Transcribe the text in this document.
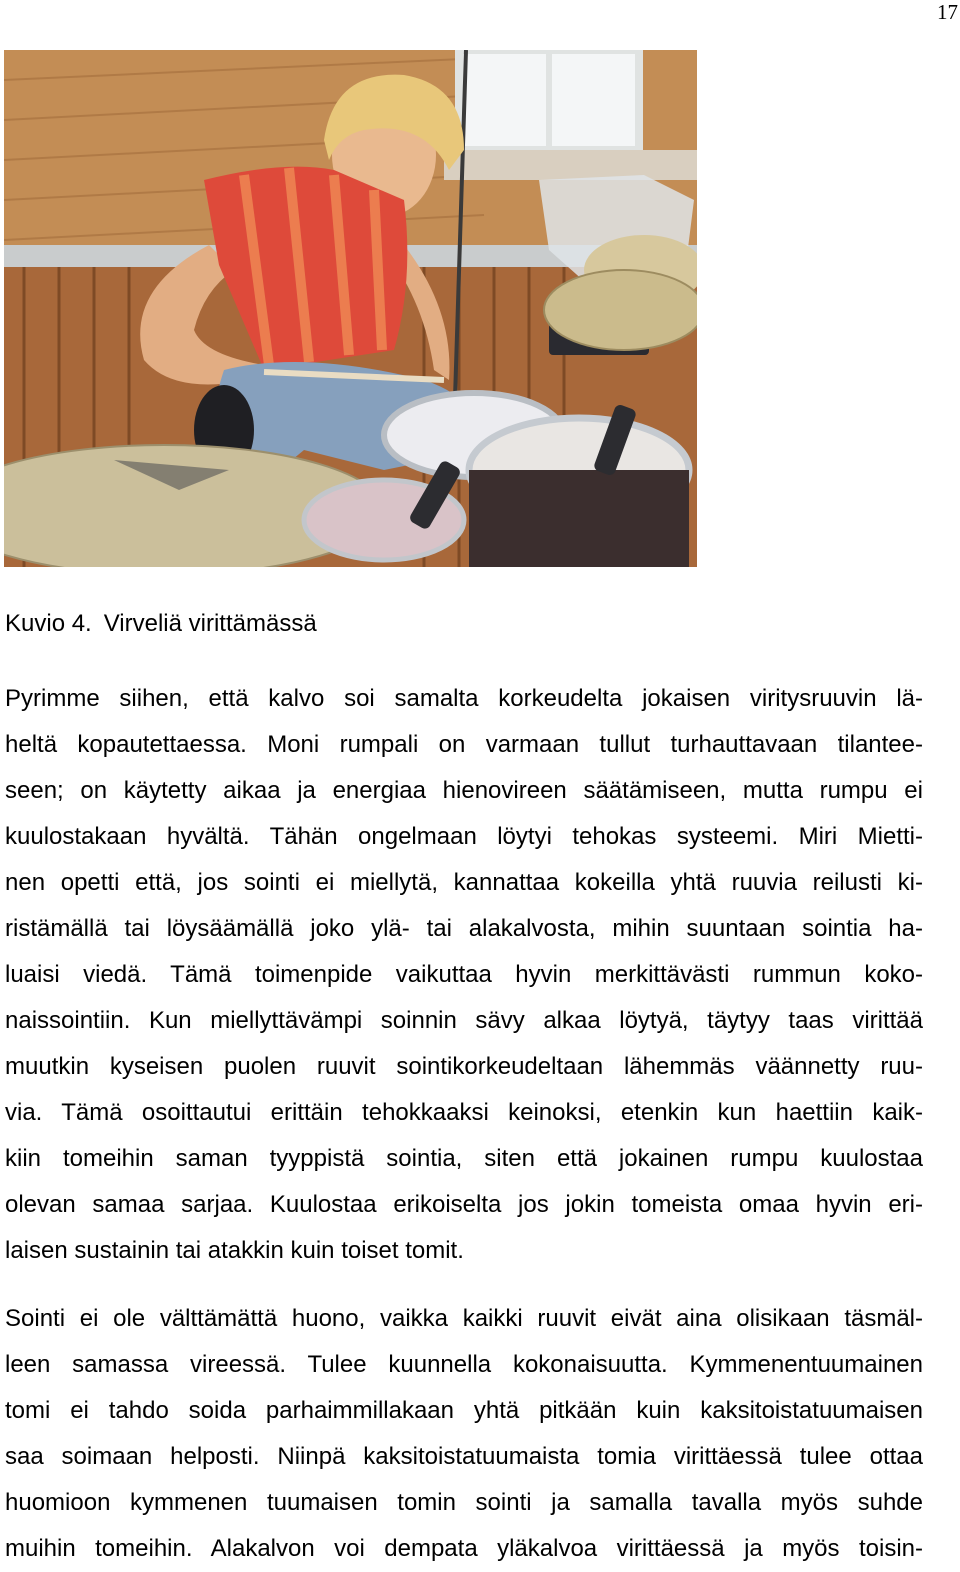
17
Kuvio 4. Virveliä virittämässä

Pyrimme siihen, että kalvo soi samalta korkeudelta jokaisen viritysruuvin lä-
heltä kopautettaessa. Moni rumpali on varmaan tullut turhauttavaan tilantee-
seen; on käytetty aikaa ja energiaa hienovireen säätämiseen, mutta rumpu ei
kuulostakaan hyvältä. Tähän ongelmaan löytyi tehokas systeemi. Miri Mietti-
nen opetti että, jos sointi ei miellytä, kannattaa kokeilla yhtä ruuvia reilusti ki-
ristämällä tai löysäämällä joko ylä- tai alakalvosta, mihin suuntaan sointia ha-
luaisi viedä. Tämä toimenpide vaikuttaa hyvin merkittävästi rummun koko-
naissointiin. Kun miellyttävämpi soinnin sävy alkaa löytyä, täytyy taas virittää
muutkin kyseisen puolen ruuvit sointikorkeudeltaan lähemmäs väännetty ruu-
via. Tämä osoittautui erittäin tehokkaaksi keinoksi, etenkin kun haettiin kaik-
kiin tomeihin saman tyyppistä sointia, siten että jokainen rumpu kuulostaa
olevan samaa sarjaa. Kuulostaa erikoiselta jos jokin tomeista omaa hyvin eri-
laisen sustainin tai atakkin kuin toiset tomit.

Sointi ei ole välttämättä huono, vaikka kaikki ruuvit eivät aina olisikaan täsmäl-
leen samassa vireessä. Tulee kuunnella kokonaisuutta. Kymmenentuumainen
tomi ei tahdo soida parhaimmillakaan yhtä pitkään kuin kaksitoistatuumaisen
saa soimaan helposti. Niinpä kaksitoistatuumaista tomia virittäessä tulee ottaa
huomioon kymmenen tuumaisen tomin sointi ja samalla tavalla myös suhde
muihin tomeihin. Alakalvon voi dempata yläkalvoa virittäessä ja myös toisin-
